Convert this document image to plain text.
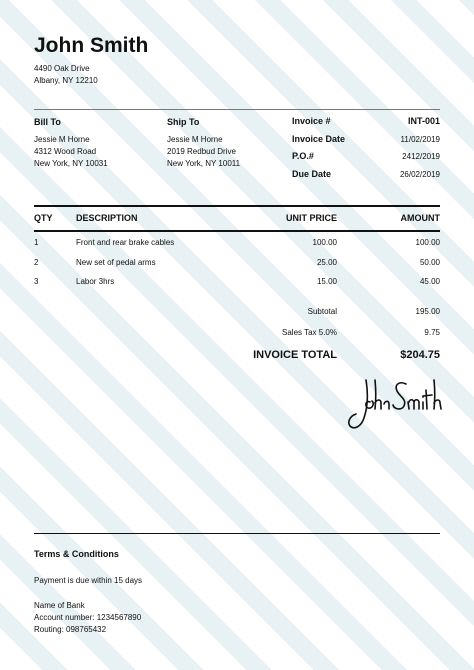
John Smith
4490 Oak Drive
Albany, NY 12210
Bill To
Jessie M Horne
4312 Wood Road
New York, NY 10031
Ship To
Jessie M Horne
2019 Redbud Drive
New York, NY 10011
Invoice #	INT-001
Invoice Date	11/02/2019
P.O.#	2412/2019
Due Date	26/02/2019
QTY	DESCRIPTION	UNIT PRICE	AMOUNT
1	Front and rear brake cables	100.00	100.00
2	New set of pedal arms	25.00	50.00
3	Labor 3hrs	15.00	45.00
Subtotal	195.00
Sales Tax 5.0%	9.75
INVOICE TOTAL	$204.75
Terms & Conditions
Payment is due within 15 days
Name of Bank
Account number: 1234567890
Routing: 098765432
